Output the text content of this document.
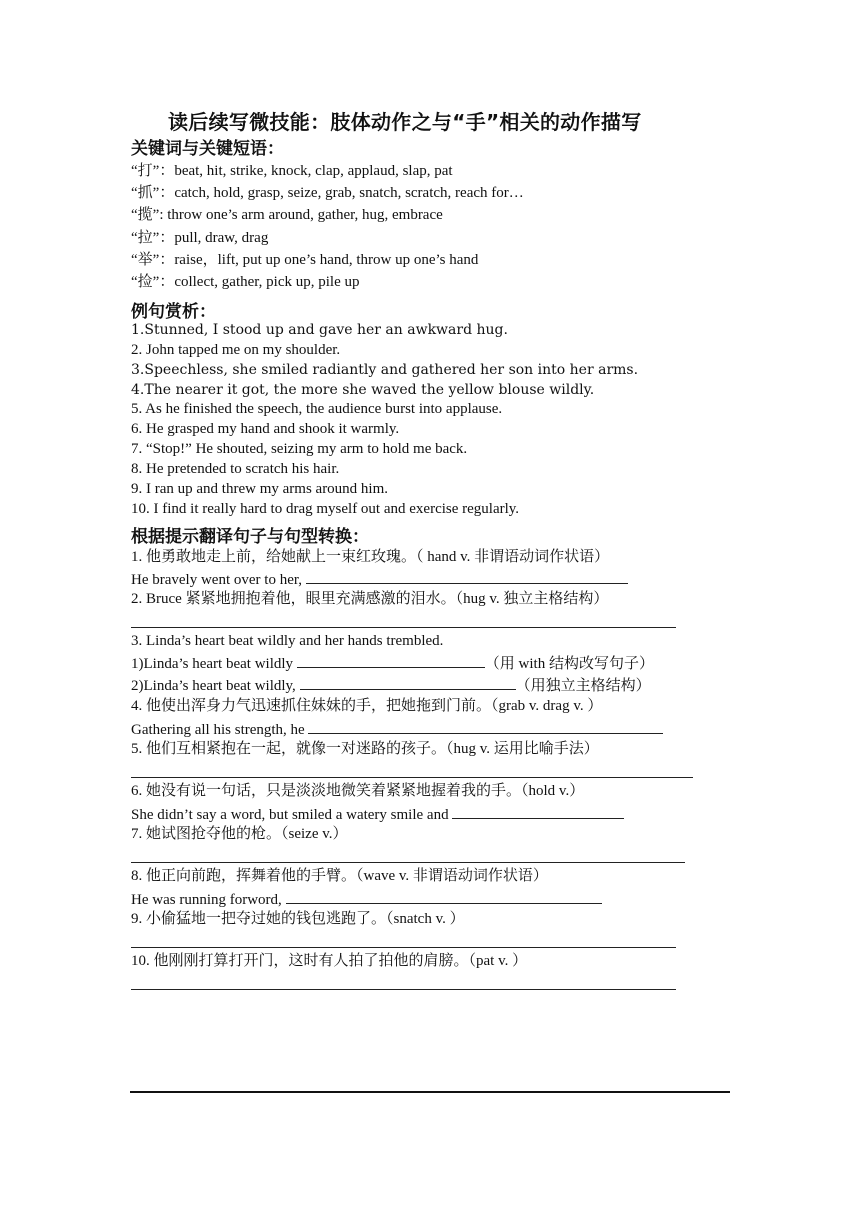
读后续写微技能：肢体动作之与“手”相关的动作描写
关键词与关键短语：
“打”：beat, hit, strike, knock, clap, applaud, slap, pat
“抓”：catch, hold, grasp, seize, grab, snatch, scratch, reach for…
“揽”: throw one’s arm around, gather, hug, embrace
“拉”：pull, draw, drag
“举”：raise，lift, put up one’s hand, throw up one’s hand
“捡”：collect, gather, pick up, pile up
例句赏析：
1.Stunned, I stood up and gave her an awkward hug.
2. John tapped me on my shoulder.
3.Speechless, she smiled radiantly and gathered her son into her arms.
4.The nearer it got, the more she waved the yellow blouse wildly.
5. As he finished the speech, the audience burst into applause.
6. He grasped my hand and shook it warmly.
7. “Stop!” He shouted, seizing my arm to hold me back.
8. He pretended to scratch his hair.
9. I ran up and threw my arms around him.
10. I find it really hard to drag myself out and exercise regularly.
根据提示翻译句子与句型转换：
1. 他勇敢地走上前，给她献上一束红玫瑰。（ hand v. 非谓语动词作状语）
He bravely went over to her,
2. Bruce 紧紧地拥抱着他，眼里充满感激的泪水。（hug v. 独立主格结构）
3. Linda’s heart beat wildly and her hands trembled.
1)Linda’s heart beat wildly	（用 with 结构改写句子）
2)Linda’s heart beat wildly,	（用独立主格结构）
4. 他使出浑身力气迅速抓住妹妹的手，把她拖到门前。（grab v. drag v. ）
Gathering all his strength, he
5. 他们互相紧抱在一起，就像一对迷路的孩子。（hug v. 运用比喻手法）
6. 她没有说一句话，只是淡淡地微笑着紧紧地握着我的手。（hold v.）
She didn’t say a word, but smiled a watery smile and
7. 她试图抢夺他的枪。（seize v.）
8. 他正向前跑，挥舞着他的手臂。（wave v. 非谓语动词作状语）
He was running forword,
9. 小偷猛地一把夺过她的钱包逃跑了。（snatch v. ）
10. 他刚刚打算打开门，这时有人拍了拍他的肩膀。（pat v. ）
